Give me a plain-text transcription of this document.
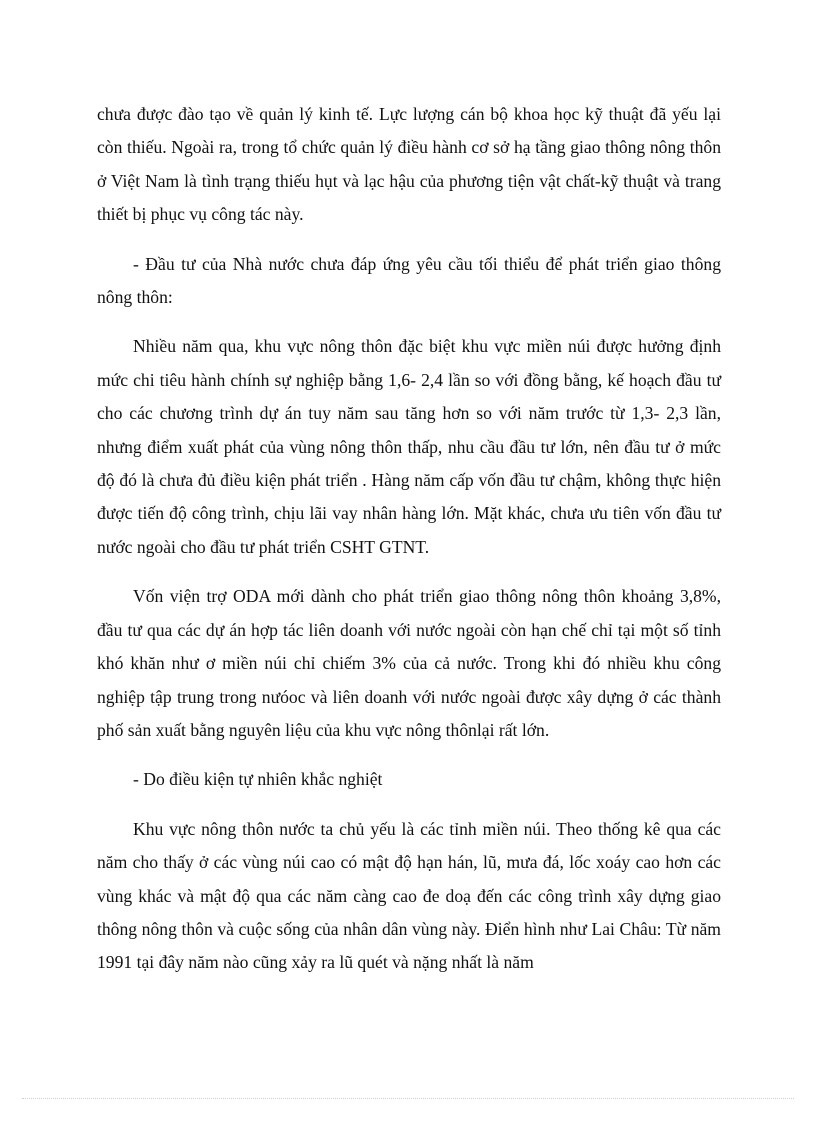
chưa được đào tạo về quản lý kinh tế. Lực lượng cán bộ khoa học kỹ thuật đã yếu lại còn thiếu. Ngoài ra, trong tổ chức quản lý điều hành cơ sở hạ tầng giao thông nông thôn ở Việt Nam là tình trạng thiếu hụt và lạc hậu của phương tiện vật chất-kỹ thuật và trang thiết bị phục vụ công tác này.

- Đầu tư của Nhà nước chưa đáp ứng yêu cầu tối thiểu để phát triển giao thông nông thôn:

Nhiều năm qua, khu vực nông thôn đặc biệt khu vực miền núi được hưởng định mức chi tiêu hành chính sự nghiệp bằng 1,6- 2,4 lần so với đồng bằng, kế hoạch đầu tư cho các chương trình dự án tuy năm sau tăng hơn so với năm trước từ 1,3- 2,3 lần, nhưng điểm xuất phát của vùng nông thôn thấp, nhu cầu đầu tư lớn, nên đầu tư ở mức độ đó là chưa đủ điều kiện phát triển . Hàng năm cấp vốn đầu tư chậm, không thực hiện được tiến độ công trình, chịu lãi vay nhân hàng lớn. Mặt khác, chưa ưu tiên vốn đầu tư nước ngoài cho đầu tư phát triển CSHT GTNT.

Vốn viện trợ ODA mới dành cho phát triển giao thông nông thôn khoảng 3,8%, đầu tư qua các dự án hợp tác liên doanh với nước ngoài còn hạn chế chỉ tại một số tỉnh khó khăn như ơ miền núi chỉ chiếm 3% của cả nước. Trong khi đó nhiều khu công nghiệp tập trung trong nưóoc và liên doanh với nước ngoài được xây dựng ở các thành phố sản xuất bằng nguyên liệu của khu vực nông thônlại rất lớn.

- Do điều kiện tự nhiên khắc nghiệt

Khu vực nông thôn nước ta chủ yếu là các tỉnh miền núi. Theo thống kê qua các năm cho thấy ở các vùng núi cao có mật độ hạn hán, lũ, mưa đá, lốc xoáy cao hơn các vùng khác và mật độ qua các năm càng cao đe doạ đến các công trình xây dựng giao thông nông thôn và cuộc sống của nhân dân vùng này. Điển hình như Lai Châu: Từ năm 1991 tại đây năm nào cũng xảy ra lũ quét và nặng nhất là năm
